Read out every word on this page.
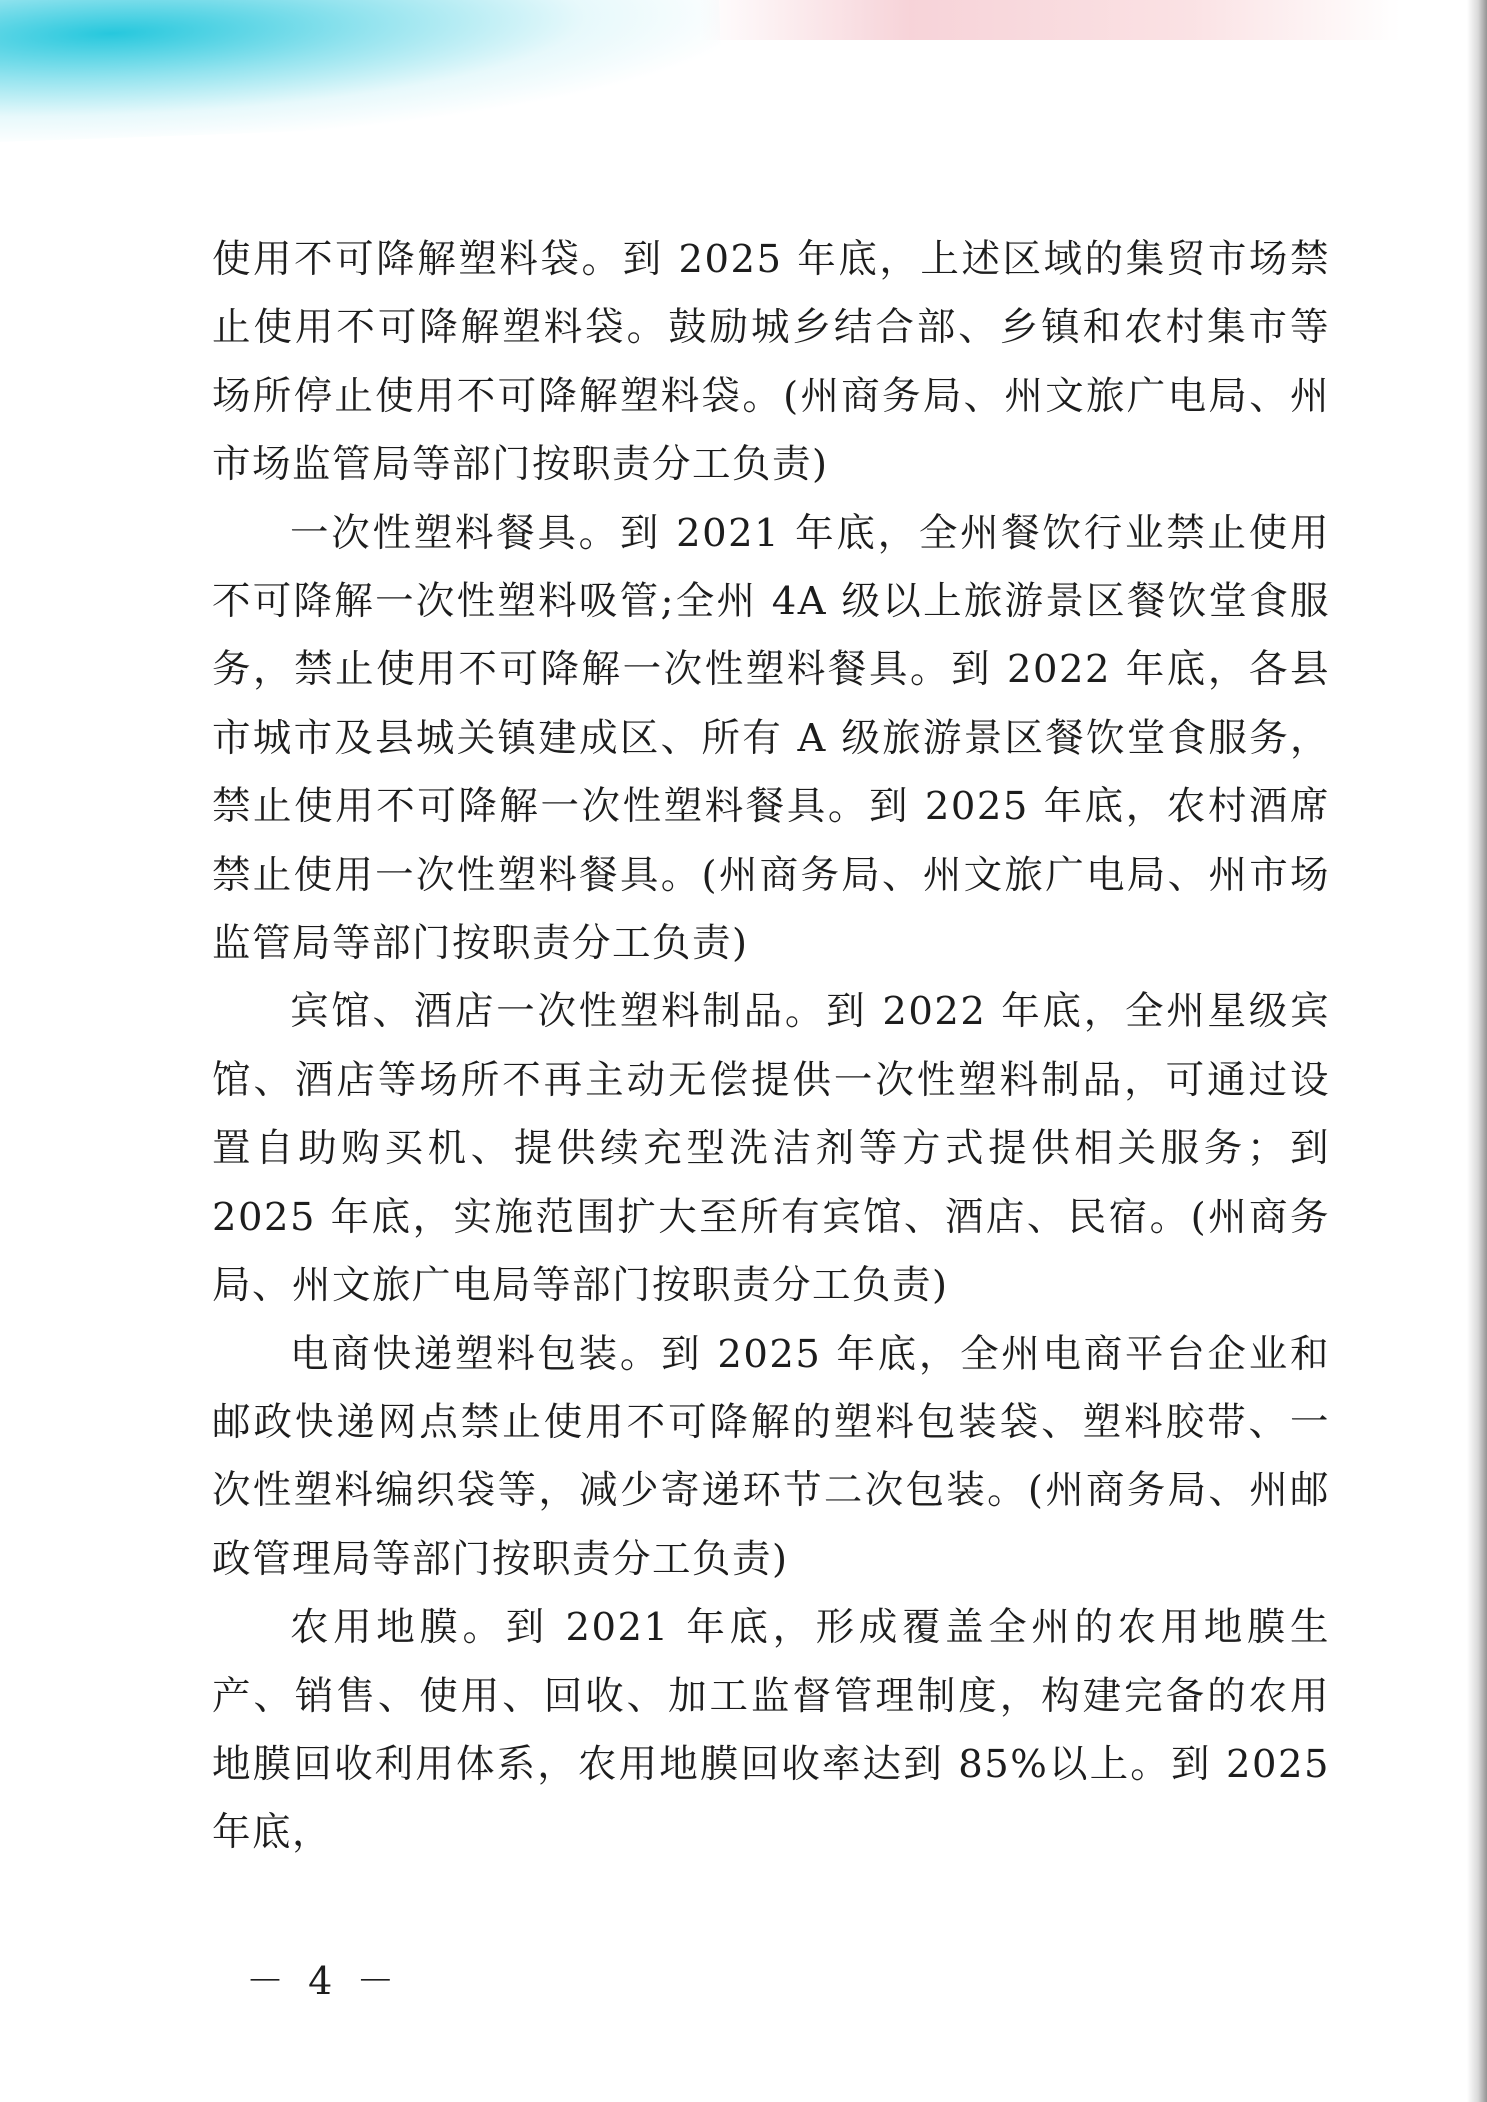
使用不可降解塑料袋。到 2025 年底，上述区域的集贸市场禁止使用不可降解塑料袋。鼓励城乡结合部、乡镇和农村集市等场所停止使用不可降解塑料袋。(州商务局、州文旅广电局、州市场监管局等部门按职责分工负责)

一次性塑料餐具。到 2021 年底，全州餐饮行业禁止使用不可降解一次性塑料吸管;全州 4A 级以上旅游景区餐饮堂食服务，禁止使用不可降解一次性塑料餐具。到 2022 年底，各县市城市及县城关镇建成区、所有 A 级旅游景区餐饮堂食服务，禁止使用不可降解一次性塑料餐具。到 2025 年底，农村酒席禁止使用一次性塑料餐具。(州商务局、州文旅广电局、州市场监管局等部门按职责分工负责)

宾馆、酒店一次性塑料制品。到 2022 年底，全州星级宾馆、酒店等场所不再主动无偿提供一次性塑料制品，可通过设置自助购买机、提供续充型洗洁剂等方式提供相关服务；到 2025 年底，实施范围扩大至所有宾馆、酒店、民宿。(州商务局、州文旅广电局等部门按职责分工负责)

电商快递塑料包装。到 2025 年底，全州电商平台企业和邮政快递网点禁止使用不可降解的塑料包装袋、塑料胶带、一次性塑料编织袋等，减少寄递环节二次包装。(州商务局、州邮政管理局等部门按职责分工负责)

农用地膜。到 2021 年底，形成覆盖全州的农用地膜生产、销售、使用、回收、加工监督管理制度，构建完备的农用地膜回收利用体系，农用地膜回收率达到 85%以上。到 2025 年底，

－ 4 －
